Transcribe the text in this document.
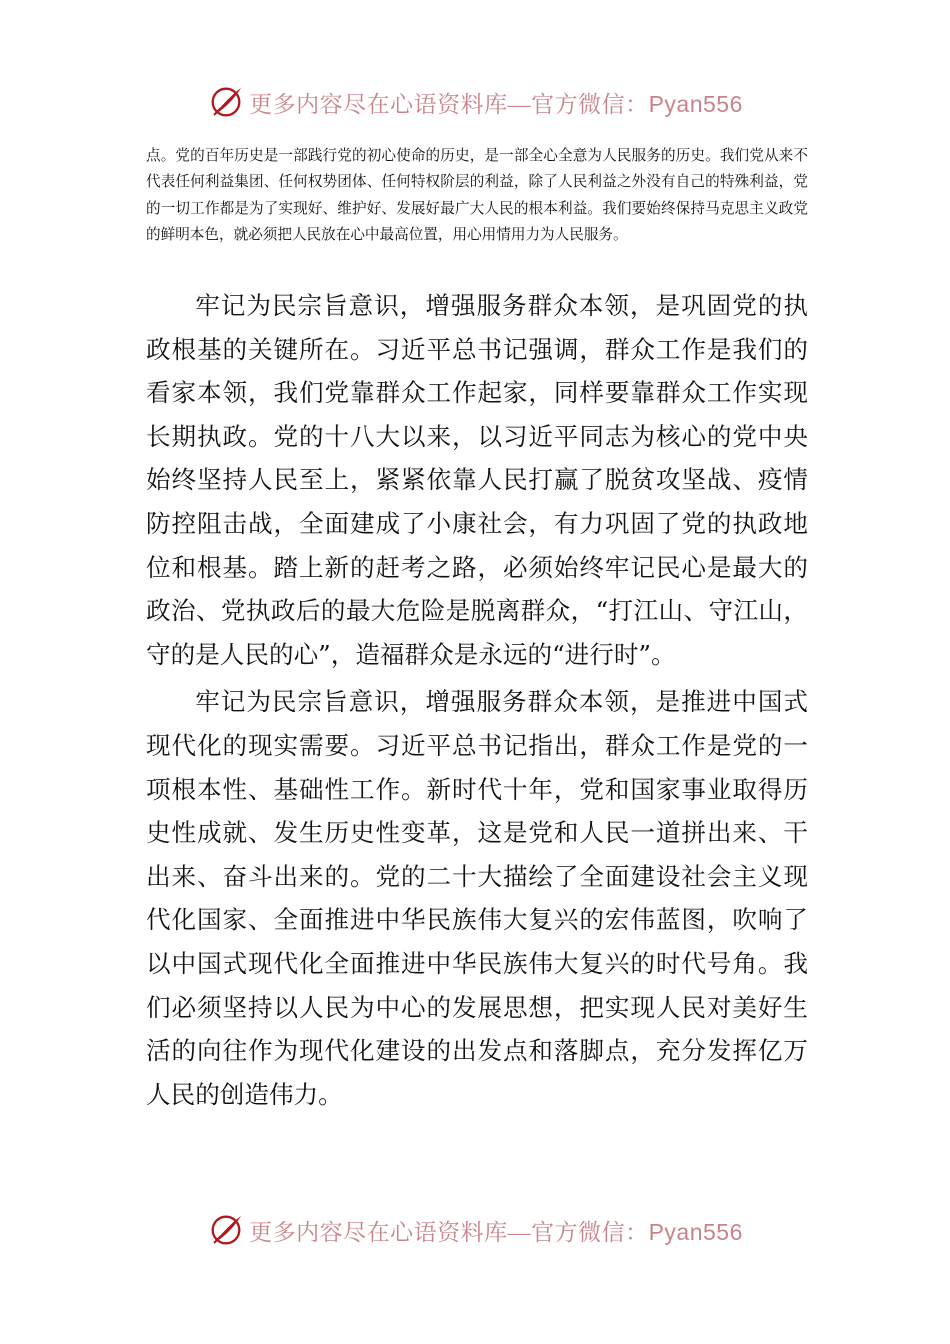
更多内容尽在心语资料库—官方微信：Pyan556

点。党的百年历史是一部践行党的初心使命的历史，是一部全心全意为人民服务的历史。我们党从来不代表任何利益集团、任何权势团体、任何特权阶层的利益，除了人民利益之外没有自己的特殊利益，党的一切工作都是为了实现好、维护好、发展好最广大人民的根本利益。我们要始终保持马克思主义政党的鲜明本色，就必须把人民放在心中最高位置，用心用情用力为人民服务。

牢记为民宗旨意识，增强服务群众本领，是巩固党的执政根基的关键所在。习近平总书记强调，群众工作是我们的看家本领，我们党靠群众工作起家，同样要靠群众工作实现长期执政。党的十八大以来，以习近平同志为核心的党中央始终坚持人民至上，紧紧依靠人民打赢了脱贫攻坚战、疫情防控阻击战，全面建成了小康社会，有力巩固了党的执政地位和根基。踏上新的赶考之路，必须始终牢记民心是最大的政治、党执政后的最大危险是脱离群众，“打江山、守江山，守的是人民的心”，造福群众是永远的“进行时”。

牢记为民宗旨意识，增强服务群众本领，是推进中国式现代化的现实需要。习近平总书记指出，群众工作是党的一项根本性、基础性工作。新时代十年，党和国家事业取得历史性成就、发生历史性变革，这是党和人民一道拼出来、干出来、奋斗出来的。党的二十大描绘了全面建设社会主义现代化国家、全面推进中华民族伟大复兴的宏伟蓝图，吹响了以中国式现代化全面推进中华民族伟大复兴的时代号角。我们必须坚持以人民为中心的发展思想，把实现人民对美好生活的向往作为现代化建设的出发点和落脚点，充分发挥亿万人民的创造伟力。

更多内容尽在心语资料库—官方微信：Pyan556
